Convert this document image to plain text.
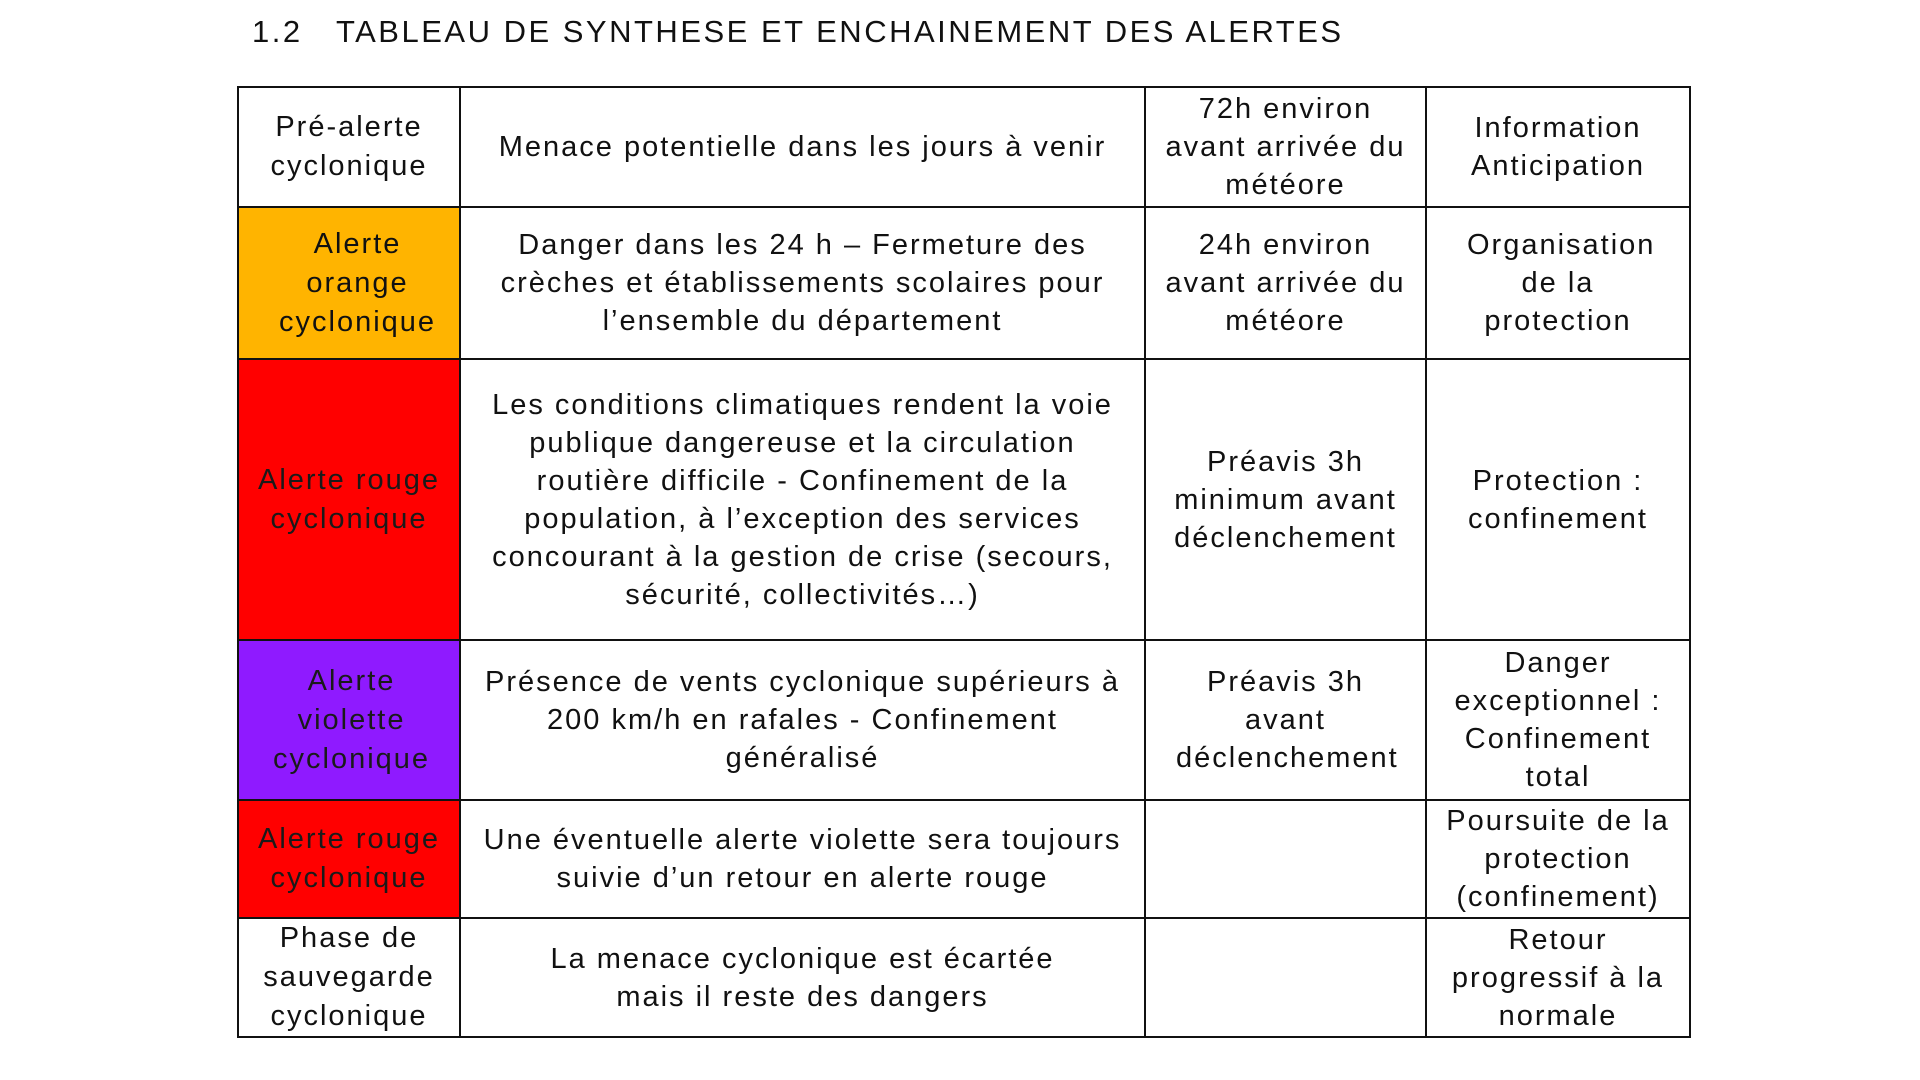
1.2 TABLEAU DE SYNTHESE ET ENCHAINEMENT DES ALERTES
Pré-alerte cyclonique	Menace potentielle dans les jours à venir	72h environ avant arrivée du météore	Information Anticipation
Alerte orange cyclonique	Danger dans les 24 h – Fermeture des crèches et établissements scolaires pour l’ensemble du département	24h environ avant arrivée du météore	Organisation de la protection
Alerte rouge cyclonique	Les conditions climatiques rendent la voie publique dangereuse et la circulation routière difficile - Confinement de la population, à l’exception des services concourant à la gestion de crise (secours, sécurité, collectivités…)	Préavis 3h minimum avant déclenchement	Protection : confinement
Alerte violette cyclonique	Présence de vents cyclonique supérieurs à 200 km/h en rafales - Confinement généralisé	Préavis 3h avant déclenchement	Danger exceptionnel : Confinement total
Alerte rouge cyclonique	Une éventuelle alerte violette sera toujours suivie d’un retour en alerte rouge		Poursuite de la protection (confinement)
Phase de sauvegarde cyclonique	La menace cyclonique est écartée mais il reste des dangers		Retour progressif à la normale
